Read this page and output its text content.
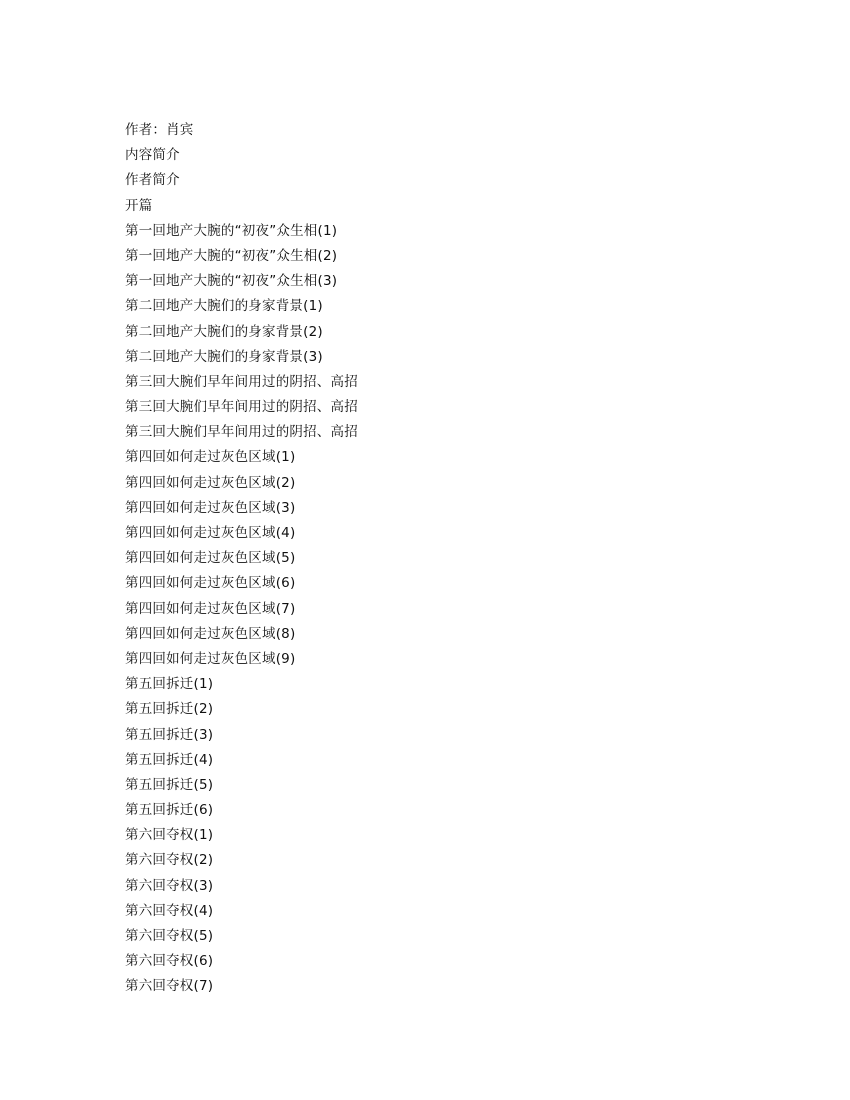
作者：肖宾
内容简介
作者简介
开篇
第一回地产大腕的“初夜”众生相(1)
第一回地产大腕的“初夜”众生相(2)
第一回地产大腕的“初夜”众生相(3)
第二回地产大腕们的身家背景(1)
第二回地产大腕们的身家背景(2)
第二回地产大腕们的身家背景(3)
第三回大腕们早年间用过的阴招、高招
第三回大腕们早年间用过的阴招、高招
第三回大腕们早年间用过的阴招、高招
第四回如何走过灰色区域(1)
第四回如何走过灰色区域(2)
第四回如何走过灰色区域(3)
第四回如何走过灰色区域(4)
第四回如何走过灰色区域(5)
第四回如何走过灰色区域(6)
第四回如何走过灰色区域(7)
第四回如何走过灰色区域(8)
第四回如何走过灰色区域(9)
第五回拆迁(1)
第五回拆迁(2)
第五回拆迁(3)
第五回拆迁(4)
第五回拆迁(5)
第五回拆迁(6)
第六回夺权(1)
第六回夺权(2)
第六回夺权(3)
第六回夺权(4)
第六回夺权(5)
第六回夺权(6)
第六回夺权(7)
